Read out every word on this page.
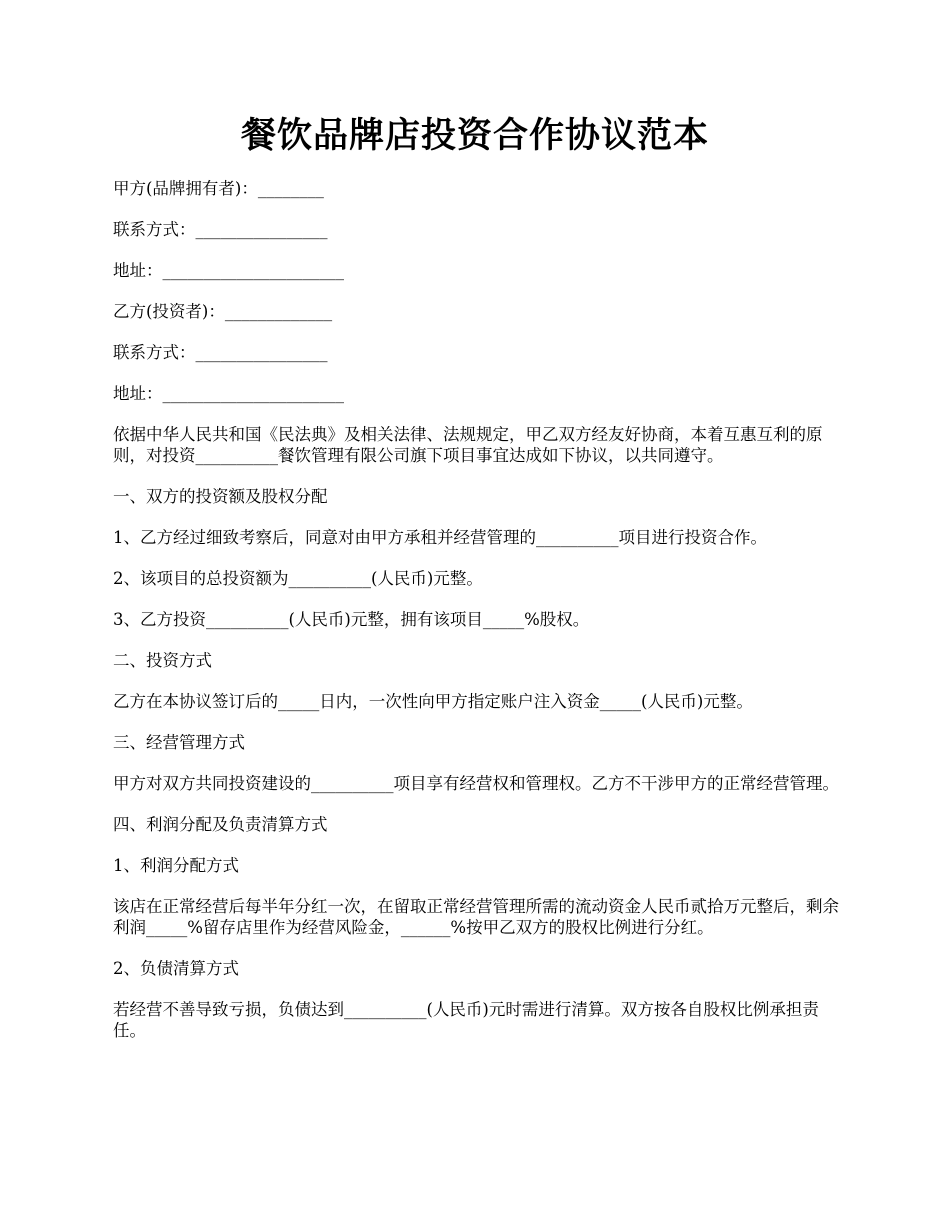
餐饮品牌店投资合作协议范本

甲方(品牌拥有者)：________

联系方式：________________

地址：______________________

乙方(投资者)：_____________

联系方式：________________

地址：______________________

依据中华人民共和国《民法典》及相关法律、法规规定，甲乙双方经友好协商，本着互惠互利的原则，对投资__________餐饮管理有限公司旗下项目事宜达成如下协议，以共同遵守。

一、双方的投资额及股权分配

1、乙方经过细致考察后，同意对由甲方承租并经营管理的__________项目进行投资合作。

2、该项目的总投资额为__________(人民币)元整。

3、乙方投资__________(人民币)元整，拥有该项目_____%股权。

二、投资方式

乙方在本协议签订后的_____日内，一次性向甲方指定账户注入资金_____(人民币)元整。

三、经营管理方式

甲方对双方共同投资建设的__________项目享有经营权和管理权。乙方不干涉甲方的正常经营管理。

四、利润分配及负责清算方式

1、利润分配方式

该店在正常经营后每半年分红一次，在留取正常经营管理所需的流动资金人民币贰拾万元整后，剩余利润_____%留存店里作为经营风险金，______%按甲乙双方的股权比例进行分红。

2、负债清算方式

若经营不善导致亏损，负债达到__________(人民币)元时需进行清算。双方按各自股权比例承担责任。
